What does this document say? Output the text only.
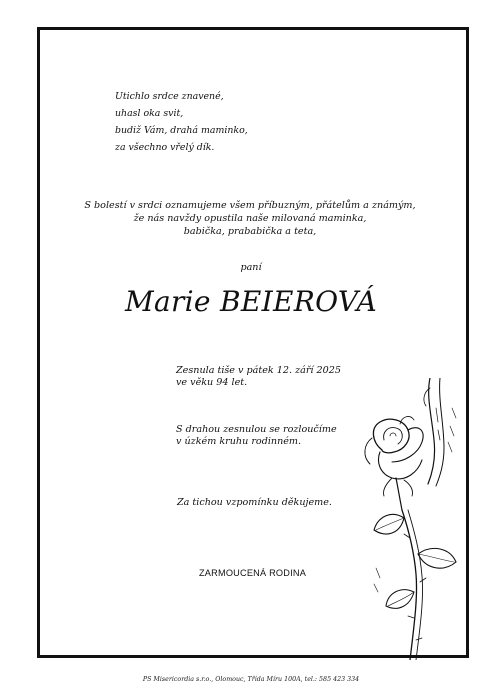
Utichlo srdce znavené,
uhasl oka svit,
budiž Vám, drahá maminko,
za všechno vřelý dík.
S bolestí v srdci oznamujeme všem příbuzným, přátelům a známým,
že nás navždy opustila naše milovaná maminka,
babička, prababička a teta,
paní
Marie BEIEROVÁ
Zesnula tiše v pátek 12. září 2025
ve věku 94 let.
S drahou zesnulou se rozloučíme
v úzkém kruhu rodinném.
Za tichou vzpomínku děkujeme.
ZARMOUCENÁ RODINA
PS Misericordia s.r.o., Olomouc, Třída Míru 100A, tel.: 585 423 334
